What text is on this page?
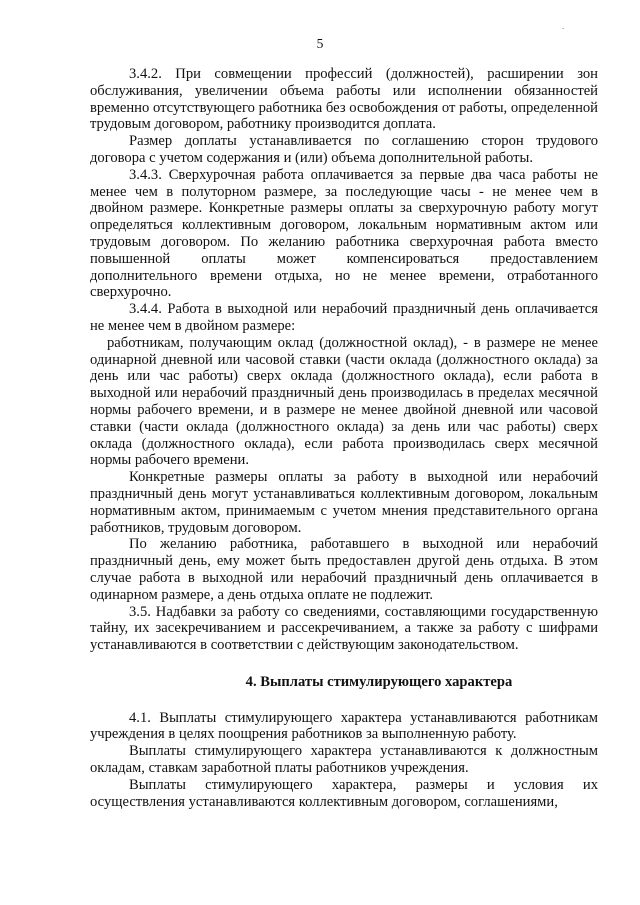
.
5

3.4.2. При совмещении профессий (должностей), расширении зон обслуживания, увеличении объема работы или исполнении обязанностей временно отсутствующего работника без освобождения от работы, определенной трудовым договором, работнику производится доплата.

Размер доплаты устанавливается по соглашению сторон трудового договора с учетом содержания и (или) объема дополнительной работы.

3.4.3. Сверхурочная работа оплачивается за первые два часа работы не менее чем в полуторном размере, за последующие часы - не менее чем в двойном размере. Конкретные размеры оплаты за сверхурочную работу могут определяться коллективным договором, локальным нормативным актом или трудовым договором. По желанию работника сверхурочная работа вместо повышенной оплаты может компенсироваться предоставлением дополнительного времени отдыха, но не менее времени, отработанного сверхурочно.

3.4.4. Работа в выходной или нерабочий праздничный день оплачивается не менее чем в двойном размере:

работникам, получающим оклад (должностной оклад), - в размере не менее одинарной дневной или часовой ставки (части оклада (должностного оклада) за день или час работы) сверх оклада (должностного оклада), если работа в выходной или нерабочий праздничный день производилась в пределах месячной нормы рабочего времени, и в размере не менее двойной дневной или часовой ставки (части оклада (должностного оклада) за день или час работы) сверх оклада (должностного оклада), если работа производилась сверх месячной нормы рабочего времени.

Конкретные размеры оплаты за работу в выходной или нерабочий праздничный день могут устанавливаться коллективным договором, локальным нормативным актом, принимаемым с учетом мнения представительного органа работников, трудовым договором.

По желанию работника, работавшего в выходной или нерабочий праздничный день, ему может быть предоставлен другой день отдыха. В этом случае работа в выходной или нерабочий праздничный день оплачивается в одинарном размере, а день отдыха оплате не подлежит.

3.5. Надбавки за работу со сведениями, составляющими государственную тайну, их засекречиванием и рассекречиванием, а также за работу с шифрами устанавливаются в соответствии с действующим законодательством.

4. Выплаты стимулирующего характера

4.1. Выплаты стимулирующего характера устанавливаются работникам учреждения в целях поощрения работников за выполненную работу.

Выплаты стимулирующего характера устанавливаются к должностным окладам, ставкам заработной платы работников учреждения.

Выплаты стимулирующего характера, размеры и условия их осуществления устанавливаются коллективным договором, соглашениями,
